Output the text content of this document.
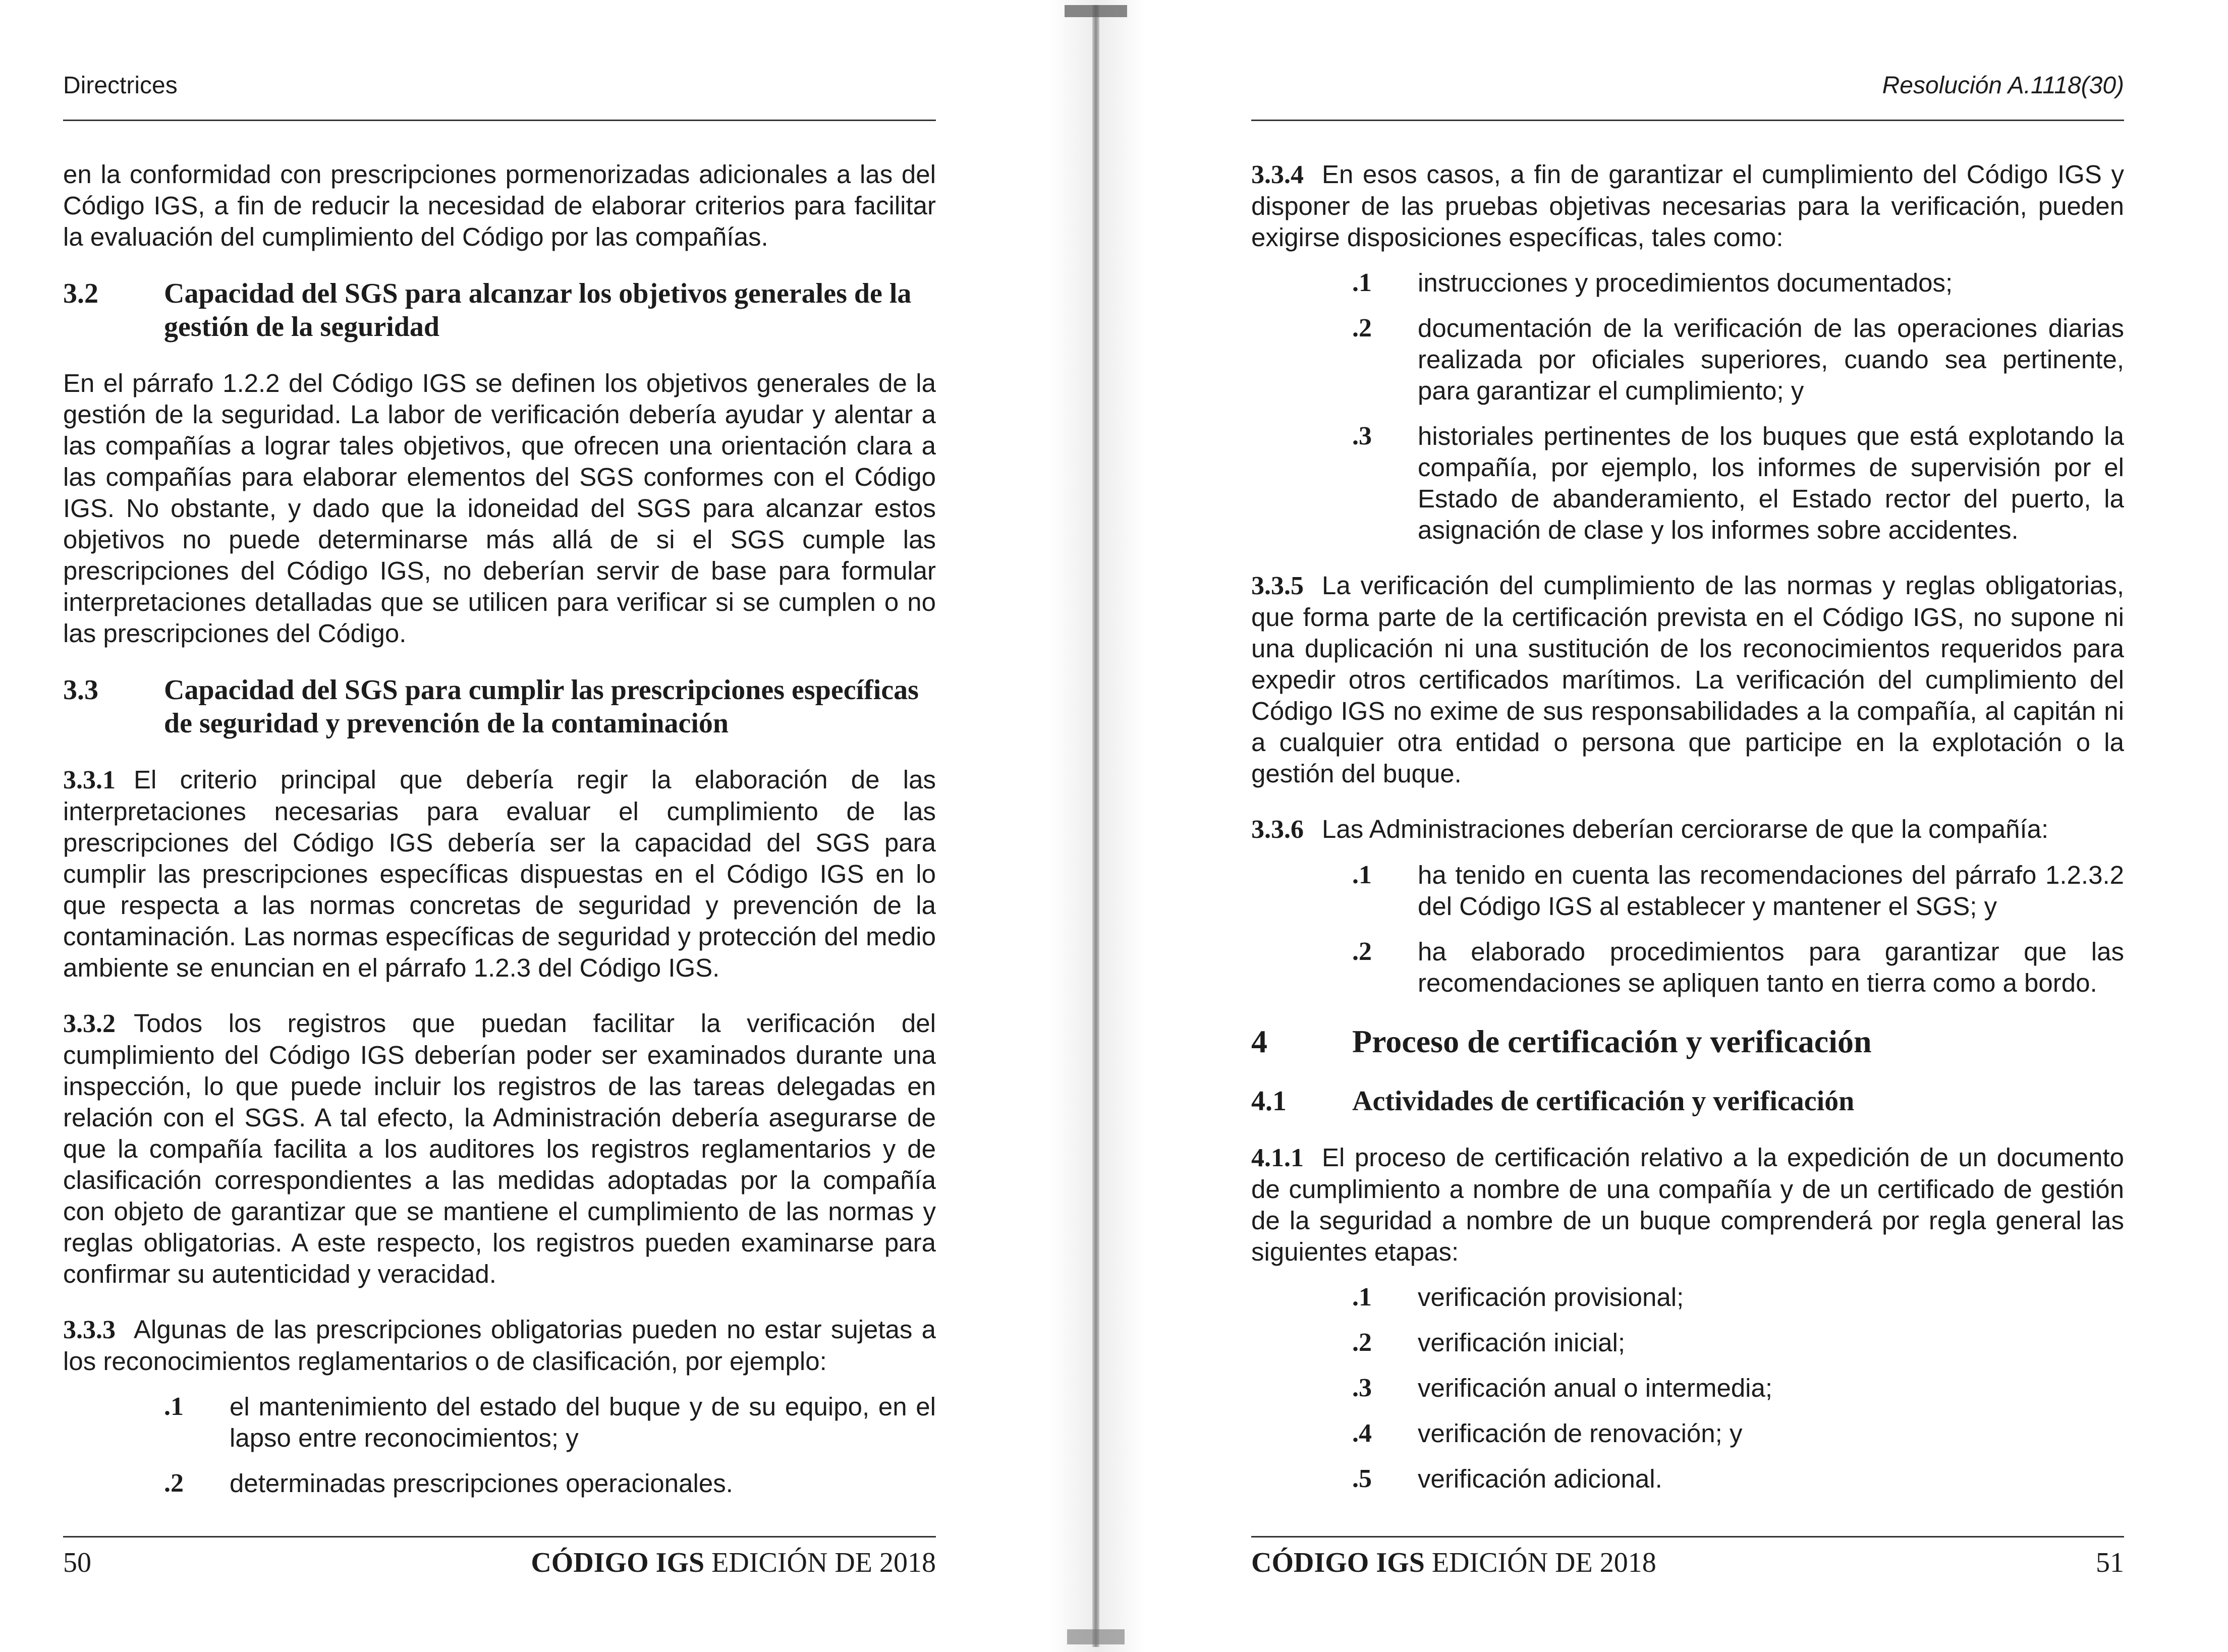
Directrices

en la conformidad con prescripciones pormenorizadas adicionales a las del Código IGS, a fin de reducir la necesidad de elaborar criterios para facilitar la evaluación del cumplimiento del Código por las compañías.

3.2	Capacidad del SGS para alcanzar los objetivos generales de la gestión de la seguridad

En el párrafo 1.2.2 del Código IGS se definen los objetivos generales de la gestión de la seguridad. La labor de verificación debería ayudar y alentar a las compañías a lograr tales objetivos, que ofrecen una orientación clara a las compañías para elaborar elementos del SGS conformes con el Código IGS. No obstante, y dado que la idoneidad del SGS para alcanzar estos objetivos no puede determinarse más allá de si el SGS cumple las prescripciones del Código IGS, no deberían servir de base para formular interpretaciones detalladas que se utilicen para verificar si se cumplen o no las prescripciones del Código.

3.3	Capacidad del SGS para cumplir las prescripciones específicas de seguridad y prevención de la contaminación

3.3.1 El criterio principal que debería regir la elaboración de las interpretaciones necesarias para evaluar el cumplimiento de las prescripciones del Código IGS debería ser la capacidad del SGS para cumplir las prescripciones específicas dispuestas en el Código IGS en lo que respecta a las normas concretas de seguridad y prevención de la contaminación. Las normas específicas de seguridad y protección del medio ambiente se enuncian en el párrafo 1.2.3 del Código IGS.

3.3.2 Todos los registros que puedan facilitar la verificación del cumplimiento del Código IGS deberían poder ser examinados durante una inspección, lo que puede incluir los registros de las tareas delegadas en relación con el SGS. A tal efecto, la Administración debería asegurarse de que la compañía facilita a los auditores los registros reglamentarios y de clasificación correspondientes a las medidas adoptadas por la compañía con objeto de garantizar que se mantiene el cumplimiento de las normas y reglas obligatorias. A este respecto, los registros pueden examinarse para confirmar su autenticidad y veracidad.

3.3.3 Algunas de las prescripciones obligatorias pueden no estar sujetas a los reconocimientos reglamentarios o de clasificación, por ejemplo:

.1	el mantenimiento del estado del buque y de su equipo, en el lapso entre reconocimientos; y
.2	determinadas prescripciones operacionales.
50	CÓDIGO IGS EDICIÓN DE 2018
Resolución A.1118(30)

3.3.4 En esos casos, a fin de garantizar el cumplimiento del Código IGS y disponer de las pruebas objetivas necesarias para la verificación, pueden exigirse disposiciones específicas, tales como:

.1	instrucciones y procedimientos documentados;
.2	documentación de la verificación de las operaciones diarias realizada por oficiales superiores, cuando sea pertinente, para garantizar el cumplimiento; y
.3	historiales pertinentes de los buques que está explotando la compañía, por ejemplo, los informes de supervisión por el Estado de abanderamiento, el Estado rector del puerto, la asignación de clase y los informes sobre accidentes.

3.3.5 La verificación del cumplimiento de las normas y reglas obligatorias, que forma parte de la certificación prevista en el Código IGS, no supone ni una duplicación ni una sustitución de los reconocimientos requeridos para expedir otros certificados marítimos. La verificación del cumplimiento del Código IGS no exime de sus responsabilidades a la compañía, al capitán ni a cualquier otra entidad o persona que participe en la explotación o la gestión del buque.

3.3.6 Las Administraciones deberían cerciorarse de que la compañía:

.1	ha tenido en cuenta las recomendaciones del párrafo 1.2.3.2 del Código IGS al establecer y mantener el SGS; y
.2	ha elaborado procedimientos para garantizar que las recomendaciones se apliquen tanto en tierra como a bordo.
4	Proceso de certificación y verificación
4.1	Actividades de certificación y verificación

4.1.1 El proceso de certificación relativo a la expedición de un documento de cumplimiento a nombre de una compañía y de un certificado de gestión de la seguridad a nombre de un buque comprenderá por regla general las siguientes etapas:

.1	verificación provisional;
.2	verificación inicial;
.3	verificación anual o intermedia;
.4	verificación de renovación; y
.5	verificación adicional.
CÓDIGO IGS EDICIÓN DE 2018	51
